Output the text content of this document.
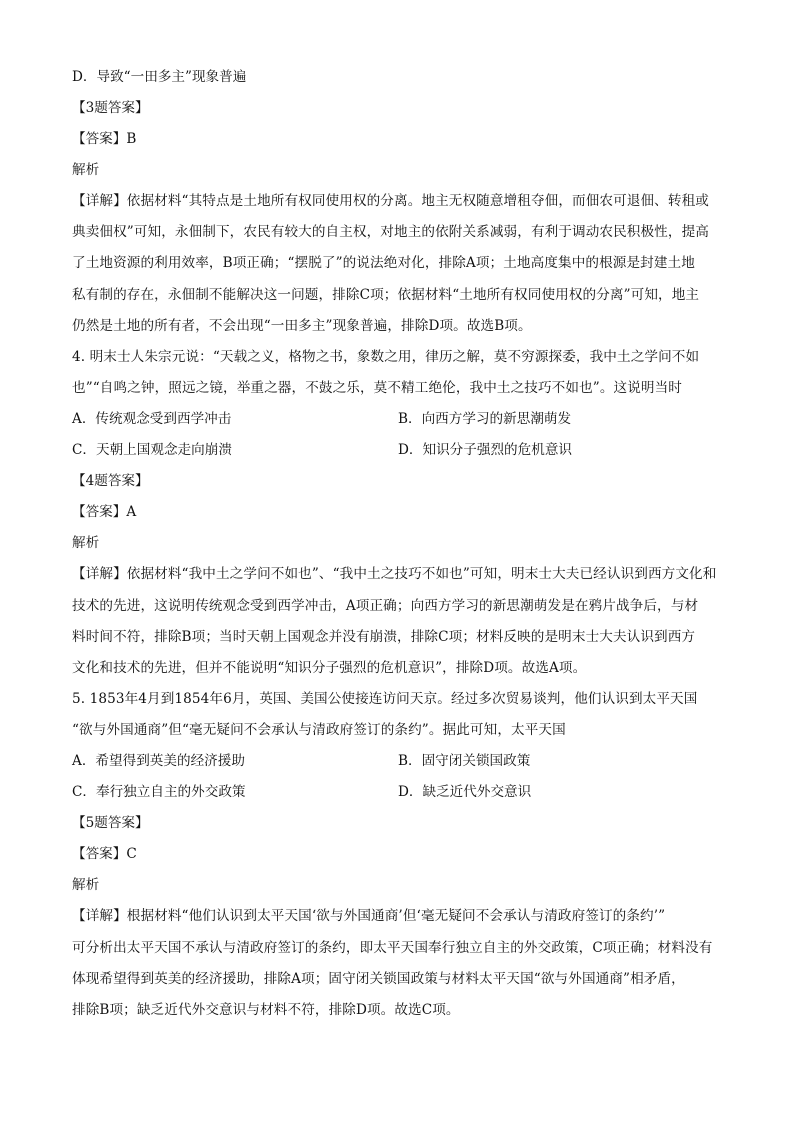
D．导致“一田多主”现象普遍
【3题答案】
【答案】B
解析
【详解】依据材料“其特点是土地所有权同使用权的分离。地主无权随意增租夺佃，而佃农可退佃、转租或
典卖佃权”可知，永佃制下，农民有较大的自主权，对地主的依附关系减弱，有利于调动农民积极性，提高
了土地资源的利用效率，B项正确；“摆脱了”的说法绝对化，排除A项；土地高度集中的根源是封建土地
私有制的存在，永佃制不能解决这一问题，排除C项；依据材料“土地所有权同使用权的分离”可知，地主
仍然是土地的所有者，不会出现“一田多主”现象普遍，排除D项。故选B项。
4. 明末士人朱宗元说：“天载之义，格物之书，象数之用，律历之解，莫不穷源探委，我中土之学问不如
也”“自鸣之钟，照远之镜，举重之器，不鼓之乐，莫不精工绝伦，我中土之技巧不如也”。这说明当时
A．传统观念受到西学冲击	B．向西方学习的新思潮萌发
C．天朝上国观念走向崩溃	D．知识分子强烈的危机意识
【4题答案】
【答案】A
解析
【详解】依据材料“我中土之学问不如也”、“我中土之技巧不如也”可知，明末士大夫已经认识到西方文化和
技术的先进，这说明传统观念受到西学冲击，A项正确；向西方学习的新思潮萌发是在鸦片战争后，与材
料时间不符，排除B项；当时天朝上国观念并没有崩溃，排除C项；材料反映的是明末士大夫认识到西方
文化和技术的先进，但并不能说明“知识分子强烈的危机意识”，排除D项。故选A项。
5. 1853年4月到1854年6月，英国、美国公使接连访问天京。经过多次贸易谈判，他们认识到太平天国
“欲与外国通商”但“毫无疑问不会承认与清政府签订的条约”。据此可知，太平天国
A．希望得到英美的经济援助	B．固守闭关锁国政策
C．奉行独立自主的外交政策	D．缺乏近代外交意识
【5题答案】
【答案】C
解析
【详解】根据材料“他们认识到太平天国‘欲与外国通商’但‘毫无疑问不会承认与清政府签订的条约’”
可分析出太平天国不承认与清政府签订的条约，即太平天国奉行独立自主的外交政策，C项正确；材料没有
体现希望得到英美的经济援助，排除A项；固守闭关锁国政策与材料太平天国“欲与外国通商”相矛盾，
排除B项；缺乏近代外交意识与材料不符，排除D项。故选C项。
